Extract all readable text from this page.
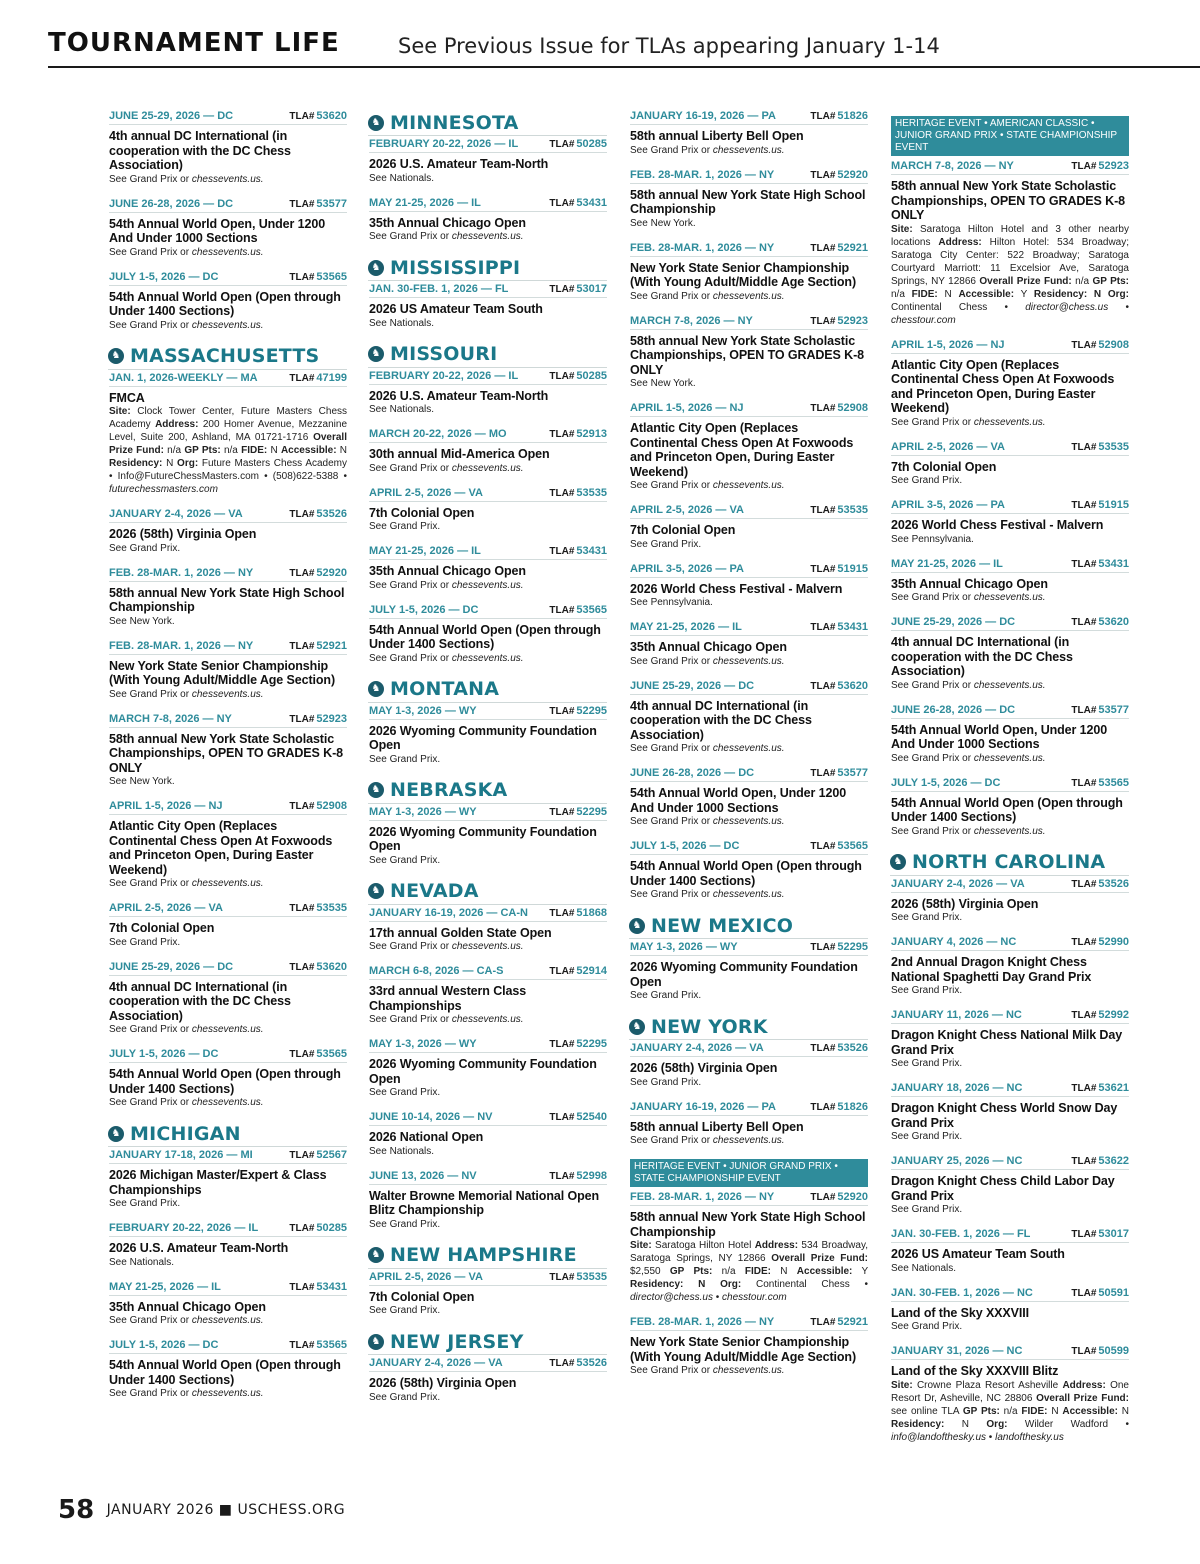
TOURNAMENT LIFE	See Previous Issue for TLAs appearing January 1-14
JUNE 25-29, 2026 — DC	TLA# 53620
4th annual DC International (in cooperation with the DC Chess Association)
See Grand Prix or chessevents.us.
JUNE 26-28, 2026 — DC	TLA# 53577
54th Annual World Open, Under 1200 And Under 1000 Sections
See Grand Prix or chessevents.us.
JULY 1-5, 2026 — DC	TLA# 53565
54th Annual World Open (Open through Under 1400 Sections)
See Grand Prix or chessevents.us.
♞ MASSACHUSETTS
JAN. 1, 2026-WEEKLY — MA	TLA# 47199
FMCA
Site: Clock Tower Center, Future Masters Chess Academy Address: 200 Homer Avenue, Mezzanine Level, Suite 200, Ashland, MA 01721-1716 Overall Prize Fund: n/a GP Pts: n/a FIDE: N Accessible: N Residency: N Org: Future Masters Chess Academy • Info@FutureChessMasters.com • (508)622-5388 • futurechessmasters.com
JANUARY 2-4, 2026 — VA	TLA# 53526
2026 (58th) Virginia Open
See Grand Prix.
FEB. 28-MAR. 1, 2026 — NY	TLA# 52920
58th annual New York State High School Championship
See New York.
FEB. 28-MAR. 1, 2026 — NY	TLA# 52921
New York State Senior Championship (With Young Adult/Middle Age Section)
See Grand Prix or chessevents.us.
MARCH 7-8, 2026 — NY	TLA# 52923
58th annual New York State Scholastic Championships, OPEN TO GRADES K-8 ONLY
See New York.
APRIL 1-5, 2026 — NJ	TLA# 52908
Atlantic City Open (Replaces Continental Chess Open At Foxwoods and Princeton Open, During Easter Weekend)
See Grand Prix or chessevents.us.
APRIL 2-5, 2026 — VA	TLA# 53535
7th Colonial Open
See Grand Prix.
JUNE 25-29, 2026 — DC	TLA# 53620
4th annual DC International (in cooperation with the DC Chess Association)
See Grand Prix or chessevents.us.
JULY 1-5, 2026 — DC	TLA# 53565
54th Annual World Open (Open through Under 1400 Sections)
See Grand Prix or chessevents.us.
♞ MICHIGAN
JANUARY 17-18, 2026 — MI	TLA# 52567
2026 Michigan Master/Expert & Class Championships
See Grand Prix.
FEBRUARY 20-22, 2026 — IL	TLA# 50285
2026 U.S. Amateur Team-North
See Nationals.
MAY 21-25, 2026 — IL	TLA# 53431
35th Annual Chicago Open
See Grand Prix or chessevents.us.
JULY 1-5, 2026 — DC	TLA# 53565
54th Annual World Open (Open through Under 1400 Sections)
See Grand Prix or chessevents.us.
♞ MINNESOTA
FEBRUARY 20-22, 2026 — IL	TLA# 50285
2026 U.S. Amateur Team-North
See Nationals.
MAY 21-25, 2026 — IL	TLA# 53431
35th Annual Chicago Open
See Grand Prix or chessevents.us.
♞ MISSISSIPPI
JAN. 30-FEB. 1, 2026 — FL	TLA# 53017
2026 US Amateur Team South
See Nationals.
♞ MISSOURI
FEBRUARY 20-22, 2026 — IL	TLA# 50285
2026 U.S. Amateur Team-North
See Nationals.
MARCH 20-22, 2026 — MO	TLA# 52913
30th annual Mid-America Open
See Grand Prix or chessevents.us.
APRIL 2-5, 2026 — VA	TLA# 53535
7th Colonial Open
See Grand Prix.
MAY 21-25, 2026 — IL	TLA# 53431
35th Annual Chicago Open
See Grand Prix or chessevents.us.
JULY 1-5, 2026 — DC	TLA# 53565
54th Annual World Open (Open through Under 1400 Sections)
See Grand Prix or chessevents.us.
♞ MONTANA
MAY 1-3, 2026 — WY	TLA# 52295
2026 Wyoming Community Foundation Open
See Grand Prix.
♞ NEBRASKA
MAY 1-3, 2026 — WY	TLA# 52295
2026 Wyoming Community Foundation Open
See Grand Prix.
♞ NEVADA
JANUARY 16-19, 2026 — CA-N TLA# 51868
17th annual Golden State Open
See Grand Prix or chessevents.us.
MARCH 6-8, 2026 — CA-S	TLA# 52914
33rd annual Western Class Championships
See Grand Prix or chessevents.us.
MAY 1-3, 2026 — WY	TLA# 52295
2026 Wyoming Community Foundation Open
See Grand Prix.
JUNE 10-14, 2026 — NV	TLA# 52540
2026 National Open
See Nationals.
JUNE 13, 2026 — NV	TLA# 52998
Walter Browne Memorial National Open Blitz Championship
See Grand Prix.
♞ NEW HAMPSHIRE
APRIL 2-5, 2026 — VA	TLA# 53535
7th Colonial Open
See Grand Prix.
♞ NEW JERSEY
JANUARY 2-4, 2026 — VA	TLA# 53526
2026 (58th) Virginia Open
See Grand Prix.
JANUARY 16-19, 2026 — PA	TLA# 51826
58th annual Liberty Bell Open
See Grand Prix or chessevents.us.
FEB. 28-MAR. 1, 2026 — NY	TLA# 52920
58th annual New York State High School Championship
See New York.
FEB. 28-MAR. 1, 2026 — NY	TLA# 52921
New York State Senior Championship (With Young Adult/Middle Age Section)
See Grand Prix or chessevents.us.
MARCH 7-8, 2026 — NY	TLA# 52923
58th annual New York State Scholastic Championships, OPEN TO GRADES K-8 ONLY
See New York.
APRIL 1-5, 2026 — NJ	TLA# 52908
Atlantic City Open (Replaces Continental Chess Open At Foxwoods and Princeton Open, During Easter Weekend)
See Grand Prix or chessevents.us.
APRIL 2-5, 2026 — VA	TLA# 53535
7th Colonial Open
See Grand Prix.
APRIL 3-5, 2026 — PA	TLA# 51915
2026 World Chess Festival - Malvern
See Pennsylvania.
MAY 21-25, 2026 — IL	TLA# 53431
35th Annual Chicago Open
See Grand Prix or chessevents.us.
JUNE 25-29, 2026 — DC	TLA# 53620
4th annual DC International (in cooperation with the DC Chess Association)
See Grand Prix or chessevents.us.
JUNE 26-28, 2026 — DC	TLA# 53577
54th Annual World Open, Under 1200 And Under 1000 Sections
See Grand Prix or chessevents.us.
JULY 1-5, 2026 — DC	TLA# 53565
54th Annual World Open (Open through Under 1400 Sections)
See Grand Prix or chessevents.us.
♞ NEW MEXICO
MAY 1-3, 2026 — WY	TLA# 52295
2026 Wyoming Community Foundation Open
See Grand Prix.
♞ NEW YORK
JANUARY 2-4, 2026 — VA	TLA# 53526
2026 (58th) Virginia Open
See Grand Prix.
JANUARY 16-19, 2026 — PA	TLA# 51826
58th annual Liberty Bell Open
See Grand Prix or chessevents.us.
HERITAGE EVENT • JUNIOR GRAND PRIX • STATE CHAMPIONSHIP EVENT
FEB. 28-MAR. 1, 2026 — NY	TLA# 52920
58th annual New York State High School Championship
Site: Saratoga Hilton Hotel Address: 534 Broadway, Saratoga Springs, NY 12866 Overall Prize Fund: $2,550 GP Pts: n/a FIDE: N Accessible: Y Residency: N Org: Continental Chess • director@chess.us • chesstour.com
FEB. 28-MAR. 1, 2026 — NY	TLA# 52921
New York State Senior Championship (With Young Adult/Middle Age Section)
See Grand Prix or chessevents.us.
HERITAGE EVENT • AMERICAN CLASSIC • JUNIOR GRAND PRIX • STATE CHAMPIONSHIP EVENT
MARCH 7-8, 2026 — NY	TLA# 52923
58th annual New York State Scholastic Championships, OPEN TO GRADES K-8 ONLY
Site: Saratoga Hilton Hotel and 3 other nearby locations Address: Hilton Hotel: 534 Broadway; Saratoga City Center: 522 Broadway; Saratoga Courtyard Marriott: 11 Excelsior Ave, Saratoga Springs, NY 12866 Overall Prize Fund: n/a GP Pts: n/a FIDE: N Accessible: Y Residency: N Org: Continental Chess • director@chess.us • chesstour.com
APRIL 1-5, 2026 — NJ	TLA# 52908
Atlantic City Open (Replaces Continental Chess Open At Foxwoods and Princeton Open, During Easter Weekend)
See Grand Prix or chessevents.us.
APRIL 2-5, 2026 — VA	TLA# 53535
7th Colonial Open
See Grand Prix.
APRIL 3-5, 2026 — PA	TLA# 51915
2026 World Chess Festival - Malvern
See Pennsylvania.
MAY 21-25, 2026 — IL	TLA# 53431
35th Annual Chicago Open
See Grand Prix or chessevents.us.
JUNE 25-29, 2026 — DC	TLA# 53620
4th annual DC International (in cooperation with the DC Chess Association)
See Grand Prix or chessevents.us.
JUNE 26-28, 2026 — DC	TLA# 53577
54th Annual World Open, Under 1200 And Under 1000 Sections
See Grand Prix or chessevents.us.
JULY 1-5, 2026 — DC	TLA# 53565
54th Annual World Open (Open through Under 1400 Sections)
See Grand Prix or chessevents.us.
♞ NORTH CAROLINA
JANUARY 2-4, 2026 — VA	TLA# 53526
2026 (58th) Virginia Open
See Grand Prix.
JANUARY 4, 2026 — NC	TLA# 52990
2nd Annual Dragon Knight Chess National Spaghetti Day Grand Prix
See Grand Prix.
JANUARY 11, 2026 — NC	TLA# 52992
Dragon Knight Chess National Milk Day Grand Prix
See Grand Prix.
JANUARY 18, 2026 — NC	TLA# 53621
Dragon Knight Chess World Snow Day Grand Prix
See Grand Prix.
JANUARY 25, 2026 — NC	TLA# 53622
Dragon Knight Chess Child Labor Day Grand Prix
See Grand Prix.
JAN. 30-FEB. 1, 2026 — FL	TLA# 53017
2026 US Amateur Team South
See Nationals.
JAN. 30-FEB. 1, 2026 — NC	TLA# 50591
Land of the Sky XXXVIII
See Grand Prix.
JANUARY 31, 2026 — NC	TLA# 50599
Land of the Sky XXXVIII Blitz
Site: Crowne Plaza Resort Asheville Address: One Resort Dr, Asheville, NC 28806 Overall Prize Fund: see online TLA GP Pts: n/a FIDE: N Accessible: N Residency: N Org: Wilder Wadford • info@landofthesky.us • landofthesky.us
58 JANUARY 2026 ■ USCHESS.ORG
